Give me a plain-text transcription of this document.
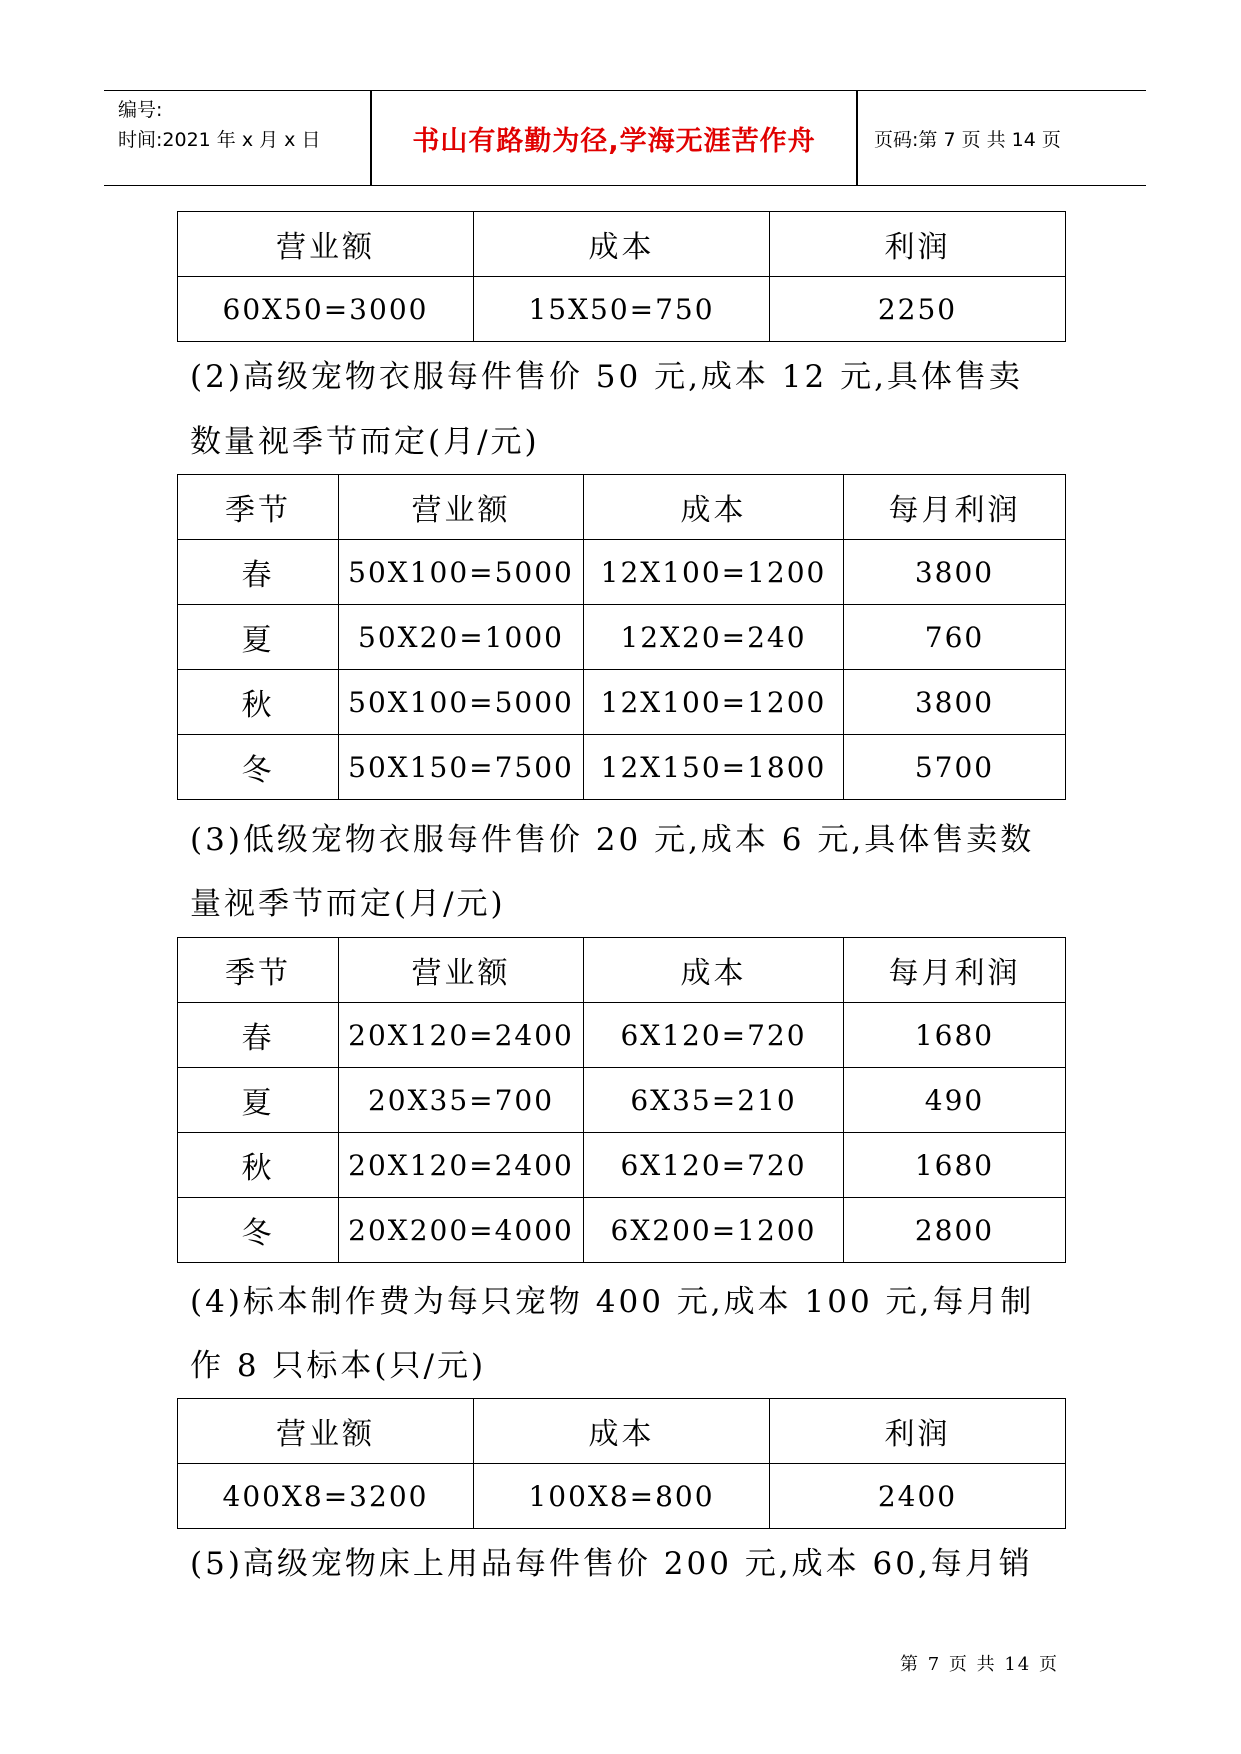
编号:
时间:2021 年 x 月 x 日	书山有路勤为径,学海无涯苦作舟	页码:第 7 页 共 14 页
营业额	成本	利润
60X50=3000	15X50=750	2250
(2)高级宠物衣服每件售价 50 元,成本 12 元,具体售卖
数量视季节而定(月/元)
季节	营业额	成本	每月利润
春	50X100=5000	12X100=1200	3800
夏	50X20=1000	12X20=240	760
秋	50X100=5000	12X100=1200	3800
冬	50X150=7500	12X150=1800	5700
(3)低级宠物衣服每件售价 20 元,成本 6 元,具体售卖数
量视季节而定(月/元)
季节	营业额	成本	每月利润
春	20X120=2400	6X120=720	1680
夏	20X35=700	6X35=210	490
秋	20X120=2400	6X120=720	1680
冬	20X200=4000	6X200=1200	2800
(4)标本制作费为每只宠物 400 元,成本 100 元,每月制
作 8 只标本(只/元)
营业额	成本	利润
400X8=3200	100X8=800	2400
(5)高级宠物床上用品每件售价 200 元,成本 60,每月销
第 7 页 共 14 页
